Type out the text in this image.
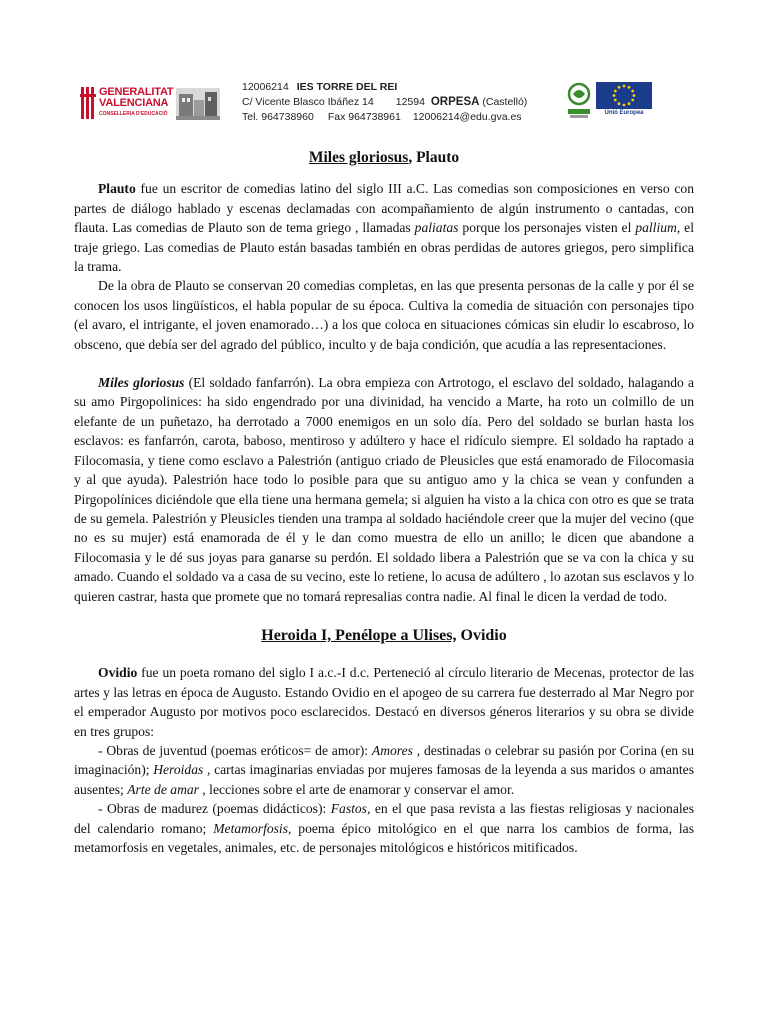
GENERALITAT
VALENCIANA
CONSELLERIA D'EDUCACIÓ
12006214 IES TORRE DEL REI
C/ Vicente Blasco Ibáñez 14 12594 ORPESA (Castelló)
Tel. 964738960 Fax 964738961 12006214@edu.gva.es	Unió Europea
Miles gloriosus, Plauto

Plauto fue un escritor de comedias latino del siglo III a.C. Las comedias son composiciones en verso con partes de diálogo hablado y escenas declamadas con acompañamiento de algún instrumento o cantadas, con flauta. Las comedias de Plauto son de tema griego , llamadas paliatas porque los personajes visten el pallium, el traje griego. Las comedias de Plauto están basadas también en obras perdidas de autores griegos, pero simplifica la trama.

De la obra de Plauto se conservan 20 comedias completas, en las que presenta personas de la calle y por él se conocen los usos lingüísticos, el habla popular de su época. Cultiva la comedia de situación con personajes tipo (el avaro, el intrigante, el joven enamorado…) a los que coloca en situaciones cómicas sin eludir lo escabroso, lo obsceno, que debía ser del agrado del público, inculto y de baja condición, que acudía a las representaciones.

Miles gloriosus (El soldado fanfarrón). La obra empieza con Artrotogo, el esclavo del soldado, halagando a su amo Pirgopolinices: ha sido engendrado por una divinidad, ha vencido a Marte, ha roto un colmillo de un elefante de un puñetazo, ha derrotado a 7000 enemigos en un solo día. Pero del soldado se burlan hasta los esclavos: es fanfarrón, carota, baboso, mentiroso y adúltero y hace el ridículo siempre. El soldado ha raptado a Filocomasia, y tiene como esclavo a Palestrión (antiguo criado de Pleusicles que está enamorado de Filocomasia y al que ayuda). Palestrión hace todo lo posible para que su antiguo amo y la chica se vean y confunden a Pirgopolínices diciéndole que ella tiene una hermana gemela; si alguien ha visto a la chica con otro es que se trata de su gemela. Palestrión y Pleusicles tienden una trampa al soldado haciéndole creer que la mujer del vecino (que no es su mujer) está enamorada de él y le dan como muestra de ello un anillo; le dicen que abandone a Filocomasia y le dé sus joyas para ganarse su perdón. El soldado libera a Palestrión que se va con la chica y su amado. Cuando el soldado va a casa de su vecino, este lo retiene, lo acusa de adúltero , lo azotan sus esclavos y lo quieren castrar, hasta que promete que no tomará represalias contra nadie. Al final le dicen la verdad de todo.

Heroida I, Penélope a Ulises, Ovidio

Ovidio fue un poeta romano del siglo I a.c.-I d.c. Perteneció al círculo literario de Mecenas, protector de las artes y las letras en época de Augusto. Estando Ovidio en el apogeo de su carrera fue desterrado al Mar Negro por el emperador Augusto por motivos poco esclarecidos. Destacó en diversos géneros literarios y su obra se divide en tres grupos:

- Obras de juventud (poemas eróticos= de amor): Amores , destinadas o celebrar su pasión por Corina (en su imaginación); Heroidas , cartas imaginarias enviadas por mujeres famosas de la leyenda a sus maridos o amantes ausentes; Arte de amar , lecciones sobre el arte de enamorar y conservar el amor.

- Obras de madurez (poemas didácticos): Fastos, en el que pasa revista a las fiestas religiosas y nacionales del calendario romano; Metamorfosis, poema épico mitológico en el que narra los cambios de forma, las metamorfosis en vegetales, animales, etc. de personajes mitológicos e históricos mitificados.
